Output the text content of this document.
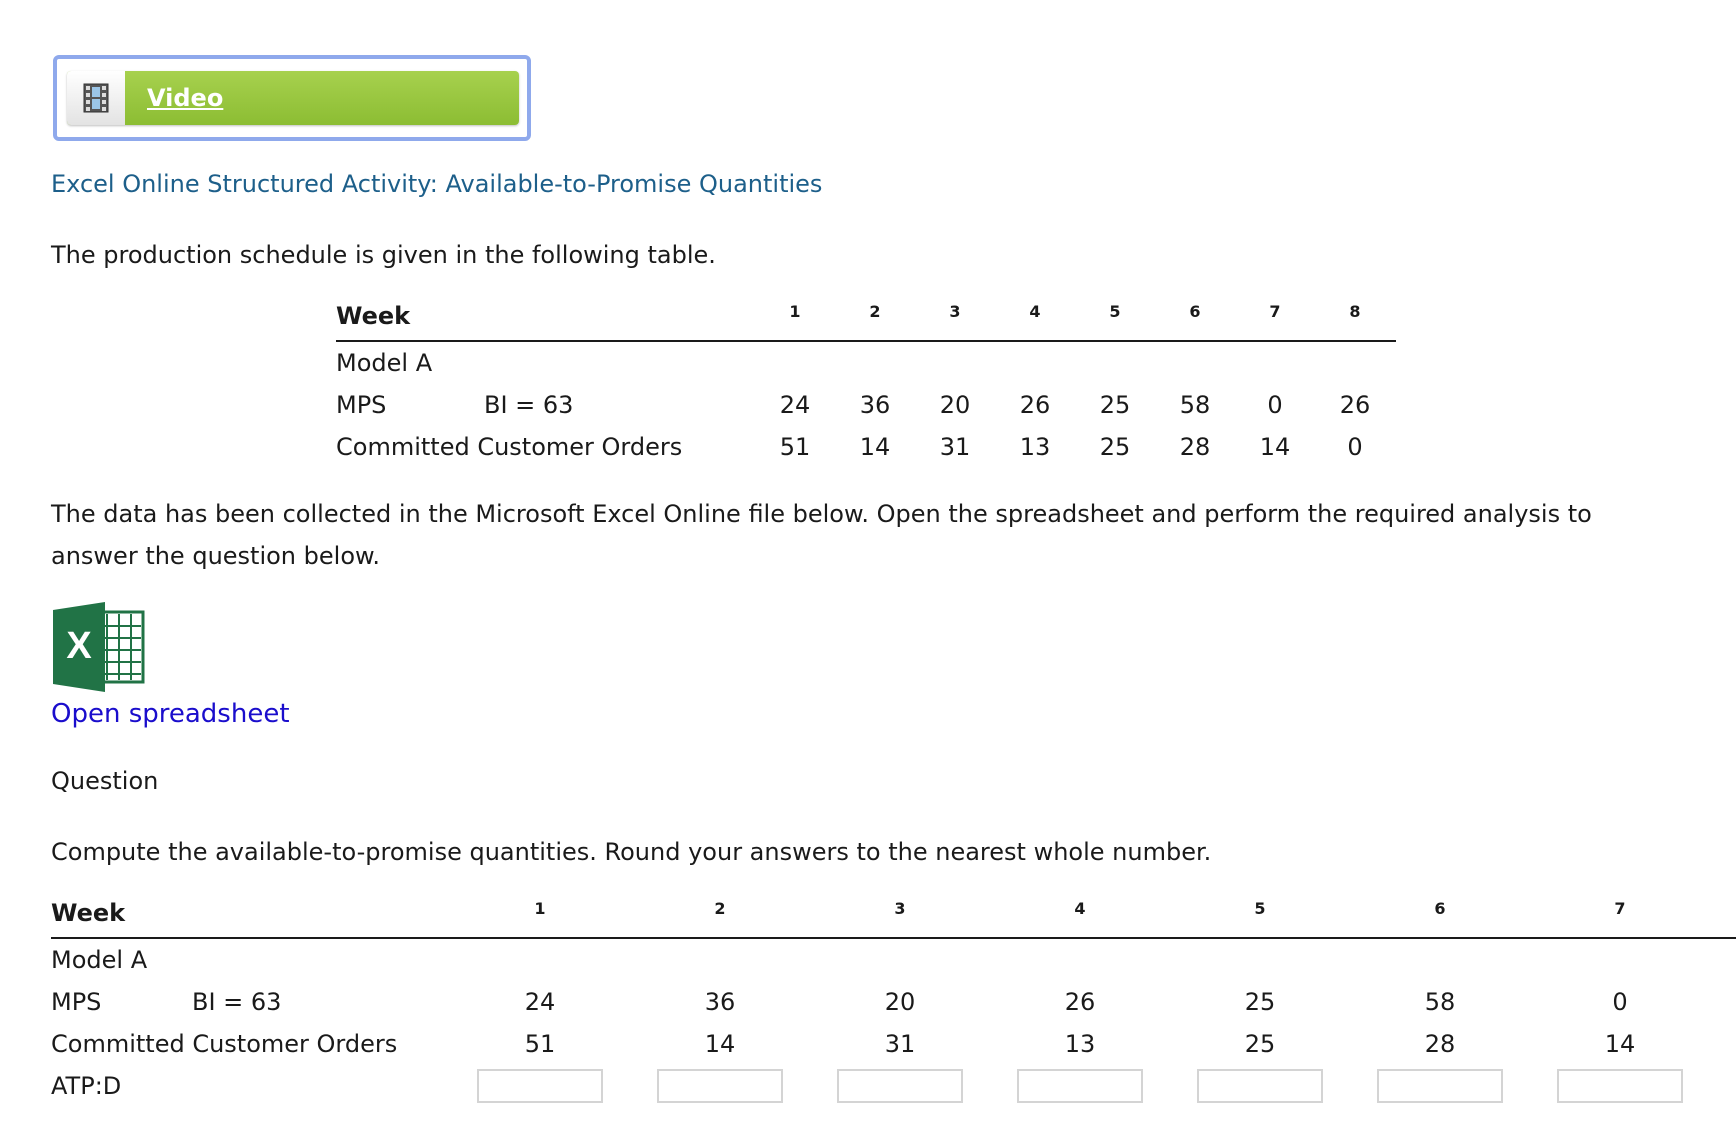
Video
Excel Online Structured Activity: Available-to-Promise Quantities
The production schedule is given in the following table.
Week	1	2	3	4	5	6	7	8
Model A
MPS	BI = 63	24	36	20	26	25	58	0	26
Committed Customer Orders	51	14	31	13	25	28	14	0
The data has been collected in the Microsoft Excel Online file below. Open the spreadsheet and perform the required analysis to answer the question below.
X
Open spreadsheet
Question
Compute the available-to-promise quantities. Round your answers to the nearest whole number.
Week	1	2	3	4	5	6	7
Model A
MPS	BI = 63	24	36	20	26	25	58	0
Committed Customer Orders	51	14	31	13	25	28	14
ATP:D
